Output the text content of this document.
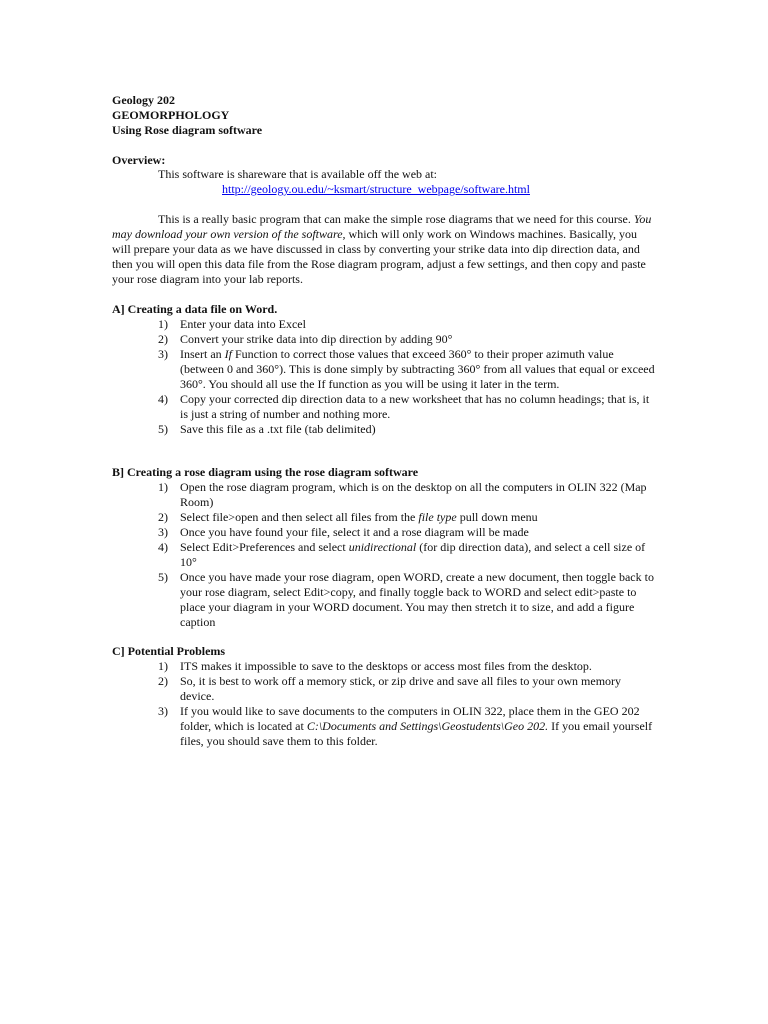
Geology 202
GEOMORPHOLOGY
Using Rose diagram software
Overview:
This software is shareware that is available off the web at:
http://geology.ou.edu/~ksmart/structure_webpage/software.html
This is a really basic program that can make the simple rose diagrams that we need for this course. You may download your own version of the software, which will only work on Windows machines. Basically, you will prepare your data as we have discussed in class by converting your strike data into dip direction data, and then you will open this data file from the Rose diagram program, adjust a few settings, and then copy and paste your rose diagram into your lab reports.
A] Creating a data file on Word.
1) Enter your data into Excel
2) Convert your strike data into dip direction by adding 90°
3) Insert an If Function to correct those values that exceed 360° to their proper azimuth value (between 0 and 360°). This is done simply by subtracting 360° from all values that equal or exceed 360°. You should all use the If function as you will be using it later in the term.
4) Copy your corrected dip direction data to a new worksheet that has no column headings; that is, it is just a string of number and nothing more.
5) Save this file as a .txt file (tab delimited)
B] Creating a rose diagram using the rose diagram software
1) Open the rose diagram program, which is on the desktop on all the computers in OLIN 322 (Map Room)
2) Select file>open and then select all files from the file type pull down menu
3) Once you have found your file, select it and a rose diagram will be made
4) Select Edit>Preferences and select unidirectional (for dip direction data), and select a cell size of 10°
5) Once you have made your rose diagram, open WORD, create a new document, then toggle back to your rose diagram, select Edit>copy, and finally toggle back to WORD and select edit>paste to place your diagram in your WORD document. You may then stretch it to size, and add a figure caption
C] Potential Problems
1) ITS makes it impossible to save to the desktops or access most files from the desktop.
2) So, it is best to work off a memory stick, or zip drive and save all files to your own memory device.
3) If you would like to save documents to the computers in OLIN 322, place them in the GEO 202 folder, which is located at C:\Documents and Settings\Geostudents\Geo 202. If you email yourself files, you should save them to this folder.
